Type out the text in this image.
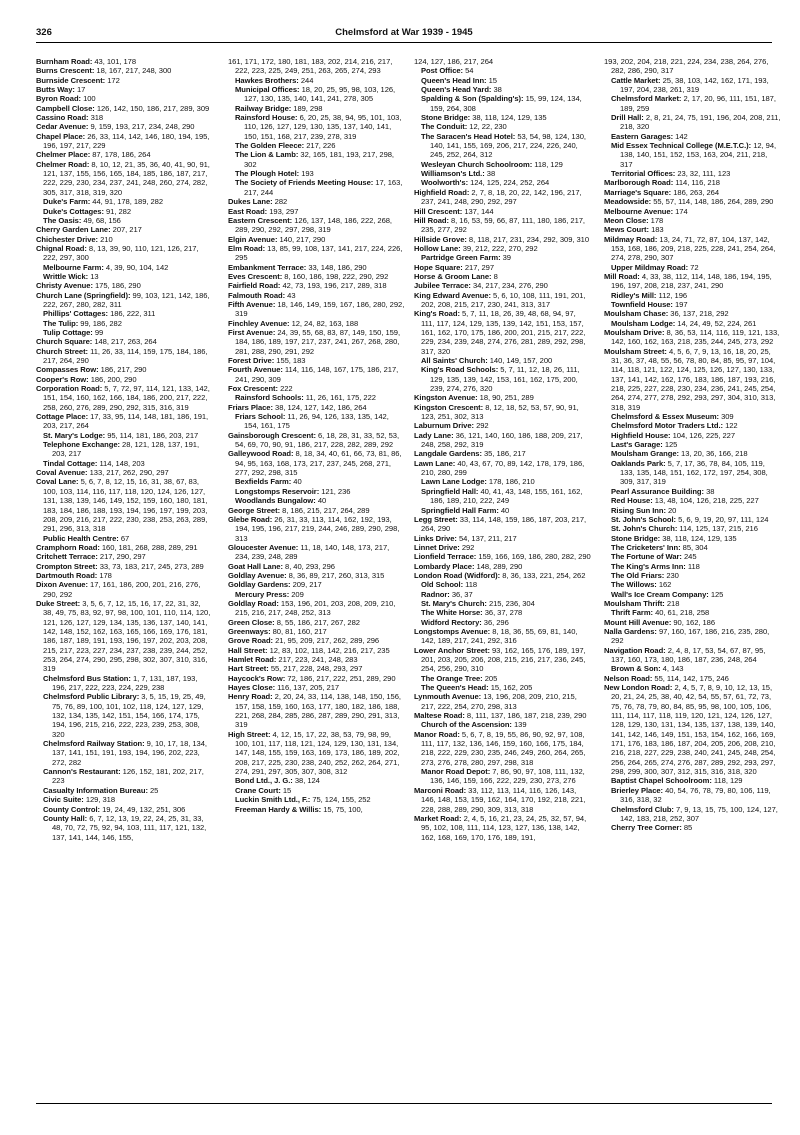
326	Chelmsford at War 1939 - 1945
Burnham Road: 43, 101, 178
Burns Crescent: 18, 167, 217, 248, 300
Burnside Crescent: 172
Butts Way: 17
Byron Road: 100
Campbell Close: 126, 142, 150, 186, 217, 289, 309
Cassino Road: 318
Cedar Avenue: 9, 159, 193, 217, 234, 248, 290
Chapel Place: 26, 33, 114, 142, 146, 180, 194, 195, 196, 197, 217, 229
Chelmer Place: 87, 178, 186, 264
Chelmer Road: 8, 10, 12, 21, 35, 36, 40, 41, 90, 91, 121, 137, 155, 156, 165, 184, 185, 186, 187, 217, 222, 229, 230, 234, 237, 241, 248, 260, 274, 282, 305, 317, 318, 319, 320
Duke's Farm: 44, 91, 178, 189, 282
Duke's Cottages: 91, 282
The Oasis: 49, 68, 156
Cherry Garden Lane: 207, 217
Chichester Drive: 210
Chignal Road: 8, 13, 39, 90, 110, 121, 126, 217, 222, 297, 300
Melbourne Farm: 4, 39, 90, 104, 142
Writtle Wick: 13
Christy Avenue: 175, 186, 290
Church Lane (Springfield): 99, 103, 121, 142, 186, 222, 267, 280, 282, 311
Phillips' Cottages: 186, 222, 311
The Tulip: 99, 186, 282
Tulip Cottage: 99
Church Square: 148, 217, 263, 264
Church Street: 11, 26, 33, 114, 159, 175, 184, 186, 217, 264, 290
Compasses Row: 186, 217, 290
Cooper's Row: 186, 200, 290
Corporation Road: 5, 7, 72, 97, 114, 121, 133, 142, 151, 154, 160, 162, 166, 184, 186, 200, 217, 222, 258, 260, 276, 289, 290, 292, 315, 316, 319
Cottage Place: 17, 33, 95, 114, 148, 181, 186, 191, 203, 217, 264
St. Mary's Lodge: 95, 114, 181, 186, 203, 217
Telephone Exchange: 28, 121, 128, 137, 191, 203, 217
Tindal Cottage: 114, 148, 203
Coval Avenue: 133, 217, 262, 290, 297
Coval Lane: 5, 6, 7, 8, 12, 15, 16, 31, 38, 67, 83, 100, 103, 114, 116, 117, 118, 120, 124, 126, 127, 131, 138, 139, 146, 149, 152, 159, 160, 180, 181, 183, 184, 186, 188, 193, 194, 196, 197, 199, 203, 208, 209, 216, 217, 222, 230, 238, 253, 263, 289, 291, 296, 313, 318
Public Health Centre: 67
Cramphorn Road: 160, 181, 268, 288, 289, 291
Critchett Terrace: 217, 290, 297
Crompton Street: 33, 73, 183, 217, 245, 273, 289
Dartmouth Road: 178
Dixon Avenue: 17, 161, 186, 200, 201, 216, 276, 290, 292
Duke Street: 3, 5, 6, 7, 12, 15, 16, 17, 22, 31, 32, 38, 49, 75, 83, 92, 97, 98, 100, 101, 110, 114, 120, 121, 126, 127, 129, 134, 135, 136, 137, 140, 141, 142, 148, 152, 162, 163, 165, 166, 169, 176, 181, 186, 187, 189, 191, 193, 196, 197, 202, 203, 208, 215, 217, 223, 227, 234, 237, 238, 239, 244, 252, 253, 264, 274, 290, 295, 298, 302, 307, 310, 316, 319
Chelmsford Bus Station: 1, 7, 131, 187, 193, 196, 217, 222, 223, 224, 229, 238
Chelmsford Public Library: 3, 5, 15, 19, 25, 49, 75, 76, 89, 100, 101, 102, 118, 124, 127, 129, 132, 134, 135, 142, 151, 154, 166, 174, 175, 194, 196, 215, 216, 222, 223, 239, 253, 308, 320
Chelmsford Railway Station: 9, 10, 17, 18, 134, 137, 141, 151, 191, 193, 194, 196, 202, 223, 272, 282
Cannon's Restaurant: 126, 152, 181, 202, 217, 223
Casualty Information Bureau: 25
Civic Suite: 129, 318
County Control: 19, 24, 49, 132, 251, 306
County Hall: 6, 7, 12, 13, 19, 22, 24, 25, 31, 33, 48, 70, 72, 75, 92, 94, 103, 111, 117, 121, 132, 137, 141, 144, 146, 155,
161, 171, 172, 180, 181, 183, 202, 214, 216, 217, 222, 223, 225, 249, 251, 263, 265, 274, 293
Hawkes Brothers: 244
Municipal Offices: 18, 20, 25, 95, 98, 103, 126, 127, 130, 135, 140, 141, 241, 278, 305
Railway Bridge: 189, 298
Rainsford House: 6, 20, 25, 38, 94, 95, 101, 103, 110, 126, 127, 129, 130, 135, 137, 140, 141, 150, 151, 168, 217, 239, 278, 319
The Golden Fleece: 217, 226
The Lion & Lamb: 32, 165, 181, 193, 217, 298, 302
The Plough Hotel: 193
The Society of Friends Meeting House: 17, 163, 217, 244
Dukes Lane: 282
East Road: 193, 297
Eastern Crescent: 126, 137, 148, 186, 222, 268, 289, 290, 292, 297, 298, 319
Elgin Avenue: 140, 217, 290
Elm Road: 13, 85, 99, 108, 137, 141, 217, 224, 226, 295
Embankment Terrace: 33, 148, 186, 290
Eves Crescent: 8, 160, 186, 198, 222, 290, 292
Fairfield Road: 42, 73, 193, 196, 217, 289, 318
Falmouth Road: 43
Fifth Avenue: 18, 146, 149, 159, 167, 186, 280, 292, 319
Finchley Avenue: 12, 24, 82, 163, 188
First Avenue: 24, 39, 55, 68, 83, 87, 149, 150, 159, 184, 186, 189, 197, 217, 237, 241, 267, 268, 280, 281, 288, 290, 291, 292
Forest Drive: 155, 183
Fourth Avenue: 114, 116, 148, 167, 175, 186, 217, 241, 290, 309
Fox Crescent: 222
Rainsford Schools: 11, 26, 161, 175, 222
Friars Place: 38, 124, 127, 142, 186, 264
Friars School: 11, 26, 94, 126, 133, 135, 142, 154, 161, 175
Gainsborough Crescent: 6, 18, 28, 31, 33, 52, 53, 54, 69, 70, 90, 91, 186, 217, 228, 282, 289, 292
Galleywood Road: 8, 18, 34, 40, 61, 66, 73, 81, 86, 94, 95, 163, 168, 173, 217, 237, 245, 268, 271, 277, 292, 298, 315
Bexfields Farm: 40
Longstomps Reservoir: 121, 236
Woodlands Bungalow: 40
George Street: 8, 186, 215, 217, 264, 289
Glebe Road: 26, 31, 33, 113, 114, 162, 192, 193, 194, 195, 196, 217, 219, 244, 246, 289, 290, 298, 313
Gloucester Avenue: 11, 18, 140, 148, 173, 217, 234, 239, 248, 289
Goat Hall Lane: 8, 40, 293, 296
Goldlay Avenue: 8, 36, 89, 217, 260, 313, 315
Goldlay Gardens: 209, 217
Mercury Press: 209
Goldlay Road: 153, 196, 201, 203, 208, 209, 210, 215, 216, 217, 248, 252, 313
Green Close: 8, 55, 186, 217, 267, 282
Greenways: 80, 81, 160, 217
Grove Road: 21, 95, 209, 217, 262, 289, 296
Hall Street: 12, 83, 102, 118, 142, 216, 217, 235
Hamlet Road: 217, 223, 241, 248, 283
Hart Street: 55, 217, 228, 248, 293, 297
Haycock's Row: 72, 186, 217, 222, 251, 289, 290
Hayes Close: 116, 137, 205, 217
Henry Road: 2, 20, 24, 33, 114, 138, 148, 150, 156, 157, 158, 159, 160, 163, 177, 180, 182, 186, 188, 221, 268, 284, 285, 286, 287, 289, 290, 291, 313, 319
High Street: 4, 12, 15, 17, 22, 38, 53, 79, 98, 99, 100, 101, 117, 118, 121, 124, 129, 130, 131, 134, 147, 148, 155, 159, 163, 169, 173, 186, 189, 202, 208, 217, 225, 230, 238, 240, 252, 262, 264, 271, 274, 291, 297, 305, 307, 308, 312
Bond Ltd., J. G.: 38, 124
Crane Court: 15
Luckin Smith Ltd., F.: 75, 124, 155, 252
Freeman Hardy & Willis: 15, 75, 100,
124, 127, 186, 217, 264
Post Office: 54
Queen's Head Inn: 15
Queen's Head Yard: 38
Spalding & Son (Spalding's): 15, 99, 124, 134, 159, 264, 308
Stone Bridge: 38, 118, 124, 129, 135
The Conduit: 12, 22, 230
The Saracen's Head Hotel: 53, 54, 98, 124, 130, 140, 141, 155, 169, 206, 217, 224, 226, 240, 245, 252, 264, 312
Wesleyan Church Schoolroom: 118, 129
Williamson's Ltd.: 38
Woolworth's: 124, 125, 224, 252, 264
Highfield Road: 2, 7, 8, 18, 20, 22, 142, 196, 217, 237, 241, 248, 290, 292, 297
Hill Crescent: 137, 144
Hill Road: 8, 16, 53, 59, 66, 87, 111, 180, 186, 217, 235, 277, 292
Hillside Grove: 8, 118, 217, 231, 234, 292, 309, 310
Hollow Lane: 39, 212, 222, 270, 292
Partridge Green Farm: 39
Hope Square: 217, 297
Horse & Groom Lane: 8
Jubilee Terrace: 34, 217, 234, 276, 290
King Edward Avenue: 5, 6, 10, 108, 111, 191, 201, 202, 208, 215, 217, 230, 241, 313, 317
King's Road: 5, 7, 11, 18, 26, 39, 48, 68, 94, 97, 111, 117, 124, 129, 135, 139, 142, 151, 153, 157, 161, 162, 170, 175, 186, 200, 201, 215, 217, 222, 229, 234, 239, 248, 274, 276, 281, 289, 292, 298, 317, 320
All Saints' Church: 140, 149, 157, 200
King's Road Schools: 5, 7, 11, 12, 18, 26, 111, 129, 135, 139, 142, 153, 161, 162, 175, 200, 239, 274, 276, 320
Kingston Avenue: 18, 90, 251, 289
Kingston Crescent: 8, 12, 18, 52, 53, 57, 90, 91, 123, 251, 302, 313
Laburnum Drive: 292
Lady Lane: 36, 121, 140, 160, 186, 188, 209, 217, 248, 258, 292, 319
Langdale Gardens: 35, 186, 217
Lawn Lane: 40, 43, 67, 70, 89, 142, 178, 179, 186, 210, 280, 299
Lawn Lane Lodge: 178, 186, 210
Springfield Hall: 40, 41, 43, 148, 155, 161, 162, 186, 189, 210, 222, 249
Springfield Hall Farm: 40
Legg Street: 33, 114, 148, 159, 186, 187, 203, 217, 264, 290
Links Drive: 54, 137, 211, 217
Linnet Drive: 292
Lionfield Terrace: 159, 166, 169, 186, 280, 282, 290
Lombardy Place: 148, 289, 290
London Road (Widford): 8, 36, 133, 221, 254, 262
Old School: 118
Radnor: 36, 37
St. Mary's Church: 215, 236, 304
The White Horse: 36, 37, 278
Widford Rectory: 36, 296
Longstomps Avenue: 8, 18, 36, 55, 69, 81, 140, 142, 189, 217, 241, 292, 316
Lower Anchor Street: 93, 162, 165, 176, 189, 197, 201, 203, 205, 206, 208, 215, 216, 217, 236, 245, 254, 256, 290, 310
The Orange Tree: 205
The Queen's Head: 15, 162, 205
Lynmouth Avenue: 13, 196, 208, 209, 210, 215, 217, 222, 254, 270, 298, 313
Maltese Road: 8, 111, 137, 186, 187, 218, 239, 290
Church of the Ascension: 139
Manor Road: 5, 6, 7, 8, 19, 55, 86, 90, 92, 97, 108, 111, 117, 132, 136, 146, 159, 160, 166, 175, 184, 218, 222, 229, 230, 235, 246, 249, 260, 264, 265, 273, 276, 278, 280, 297, 298, 318
Manor Road Depot: 7, 86, 90, 97, 108, 111, 132, 136, 146, 159, 166, 222, 229, 230, 273, 276
Marconi Road: 33, 112, 113, 114, 116, 126, 143, 146, 148, 153, 159, 162, 164, 170, 192, 218, 221, 228, 288, 289, 290, 309, 313, 318
Market Road: 2, 4, 5, 16, 21, 23, 24, 25, 32, 57, 94, 95, 102, 108, 111, 114, 123, 127, 136, 138, 142, 162, 168, 169, 170, 176, 189, 191,
193, 202, 204, 218, 221, 224, 234, 238, 264, 276, 282, 286, 290, 317
Cattle Market: 25, 38, 103, 142, 162, 171, 193, 197, 204, 238, 261, 319
Chelmsford Market: 2, 17, 20, 96, 111, 151, 187, 189, 259
Drill Hall: 2, 8, 21, 24, 75, 191, 196, 204, 208, 211, 218, 320
Eastern Garages: 142
Mid Essex Technical College (M.E.T.C.): 12, 94, 138, 140, 151, 152, 153, 163, 204, 211, 218, 317
Territorial Offices: 23, 32, 111, 123
Marlborough Road: 114, 116, 218
Marriage's Square: 186, 263, 264
Meadowside: 55, 57, 114, 148, 186, 264, 289, 290
Melbourne Avenue: 174
Meon Close: 178
Mews Court: 183
Mildmay Road: 13, 24, 71, 72, 87, 104, 137, 142, 153, 168, 186, 209, 218, 225, 228, 241, 254, 264, 274, 278, 290, 307
Upper Mildmay Road: 72
Mill Road: 4, 33, 38, 112, 114, 148, 186, 194, 195, 196, 197, 208, 218, 237, 241, 290
Ridley's Mill: 112, 196
Townfield House: 197
Moulsham Chase: 36, 137, 218, 292
Moulsham Lodge: 14, 24, 49, 52, 224, 261
Moulsham Drive: 8, 36, 53, 114, 116, 119, 121, 133, 142, 160, 162, 163, 218, 235, 244, 245, 273, 292
Moulsham Street: 4, 5, 6, 7, 9, 13, 16, 18, 20, 25, 31, 36, 37, 48, 55, 56, 78, 80, 84, 85, 95, 97, 104, 114, 118, 121, 122, 124, 125, 126, 127, 130, 133, 137, 141, 142, 162, 176, 183, 186, 187, 193, 216, 218, 225, 227, 228, 230, 234, 236, 241, 245, 254, 264, 274, 277, 278, 292, 293, 297, 304, 310, 313, 318, 319
Chelmsford & Essex Museum: 309
Chelmsford Motor Traders Ltd.: 122
Highfield House: 104, 126, 225, 227
Last's Garage: 125
Moulsham Grange: 13, 20, 36, 166, 218
Oaklands Park: 5, 7, 17, 36, 78, 84, 105, 119, 133, 135, 148, 151, 162, 172, 197, 254, 308, 309, 317, 319
Pearl Assurance Building: 38
Red House: 13, 48, 104, 126, 218, 225, 227
Rising Sun Inn: 20
St. John's School: 5, 6, 9, 19, 20, 97, 111, 124
St. John's Church: 114, 125, 137, 215, 216
Stone Bridge: 38, 118, 124, 129, 135
The Cricketers' Inn: 85, 304
The Fortune of War: 245
The King's Arms Inn: 118
The Old Friars: 230
The Willows: 162
Wall's Ice Cream Company: 125
Moulsham Thrift: 218
Thrift Farm: 40, 61, 218, 258
Mount Hill Avenue: 90, 162, 186
Nalla Gardens: 97, 160, 167, 186, 216, 235, 280, 292
Navigation Road: 2, 4, 8, 17, 53, 54, 67, 87, 95, 137, 160, 173, 180, 186, 187, 236, 248, 264
Brown & Son: 4, 143
Nelson Road: 55, 114, 142, 175, 246
New London Road: 2, 4, 5, 7, 8, 9, 10, 12, 13, 15, 20, 21, 24, 25, 38, 40, 42, 54, 55, 57, 61, 72, 73, 75, 76, 78, 79, 80, 84, 85, 95, 98, 100, 105, 106, 111, 114, 117, 118, 119, 120, 121, 124, 126, 127, 128, 129, 130, 131, 134, 135, 137, 138, 139, 140, 141, 142, 146, 149, 151, 153, 154, 162, 166, 169, 171, 176, 183, 186, 187, 204, 205, 206, 208, 210, 216, 218, 227, 229, 238, 240, 241, 245, 248, 254, 256, 264, 265, 274, 276, 287, 289, 292, 293, 297, 298, 299, 300, 307, 312, 315, 316, 318, 320
Baptist Chapel Schoolroom: 118, 129
Brierley Place: 40, 54, 76, 78, 79, 80, 106, 119, 316, 318, 32
Chelmsford Club: 7, 9, 13, 15, 75, 100, 124, 127, 142, 183, 218, 252, 307
Cherry Tree Corner: 85
